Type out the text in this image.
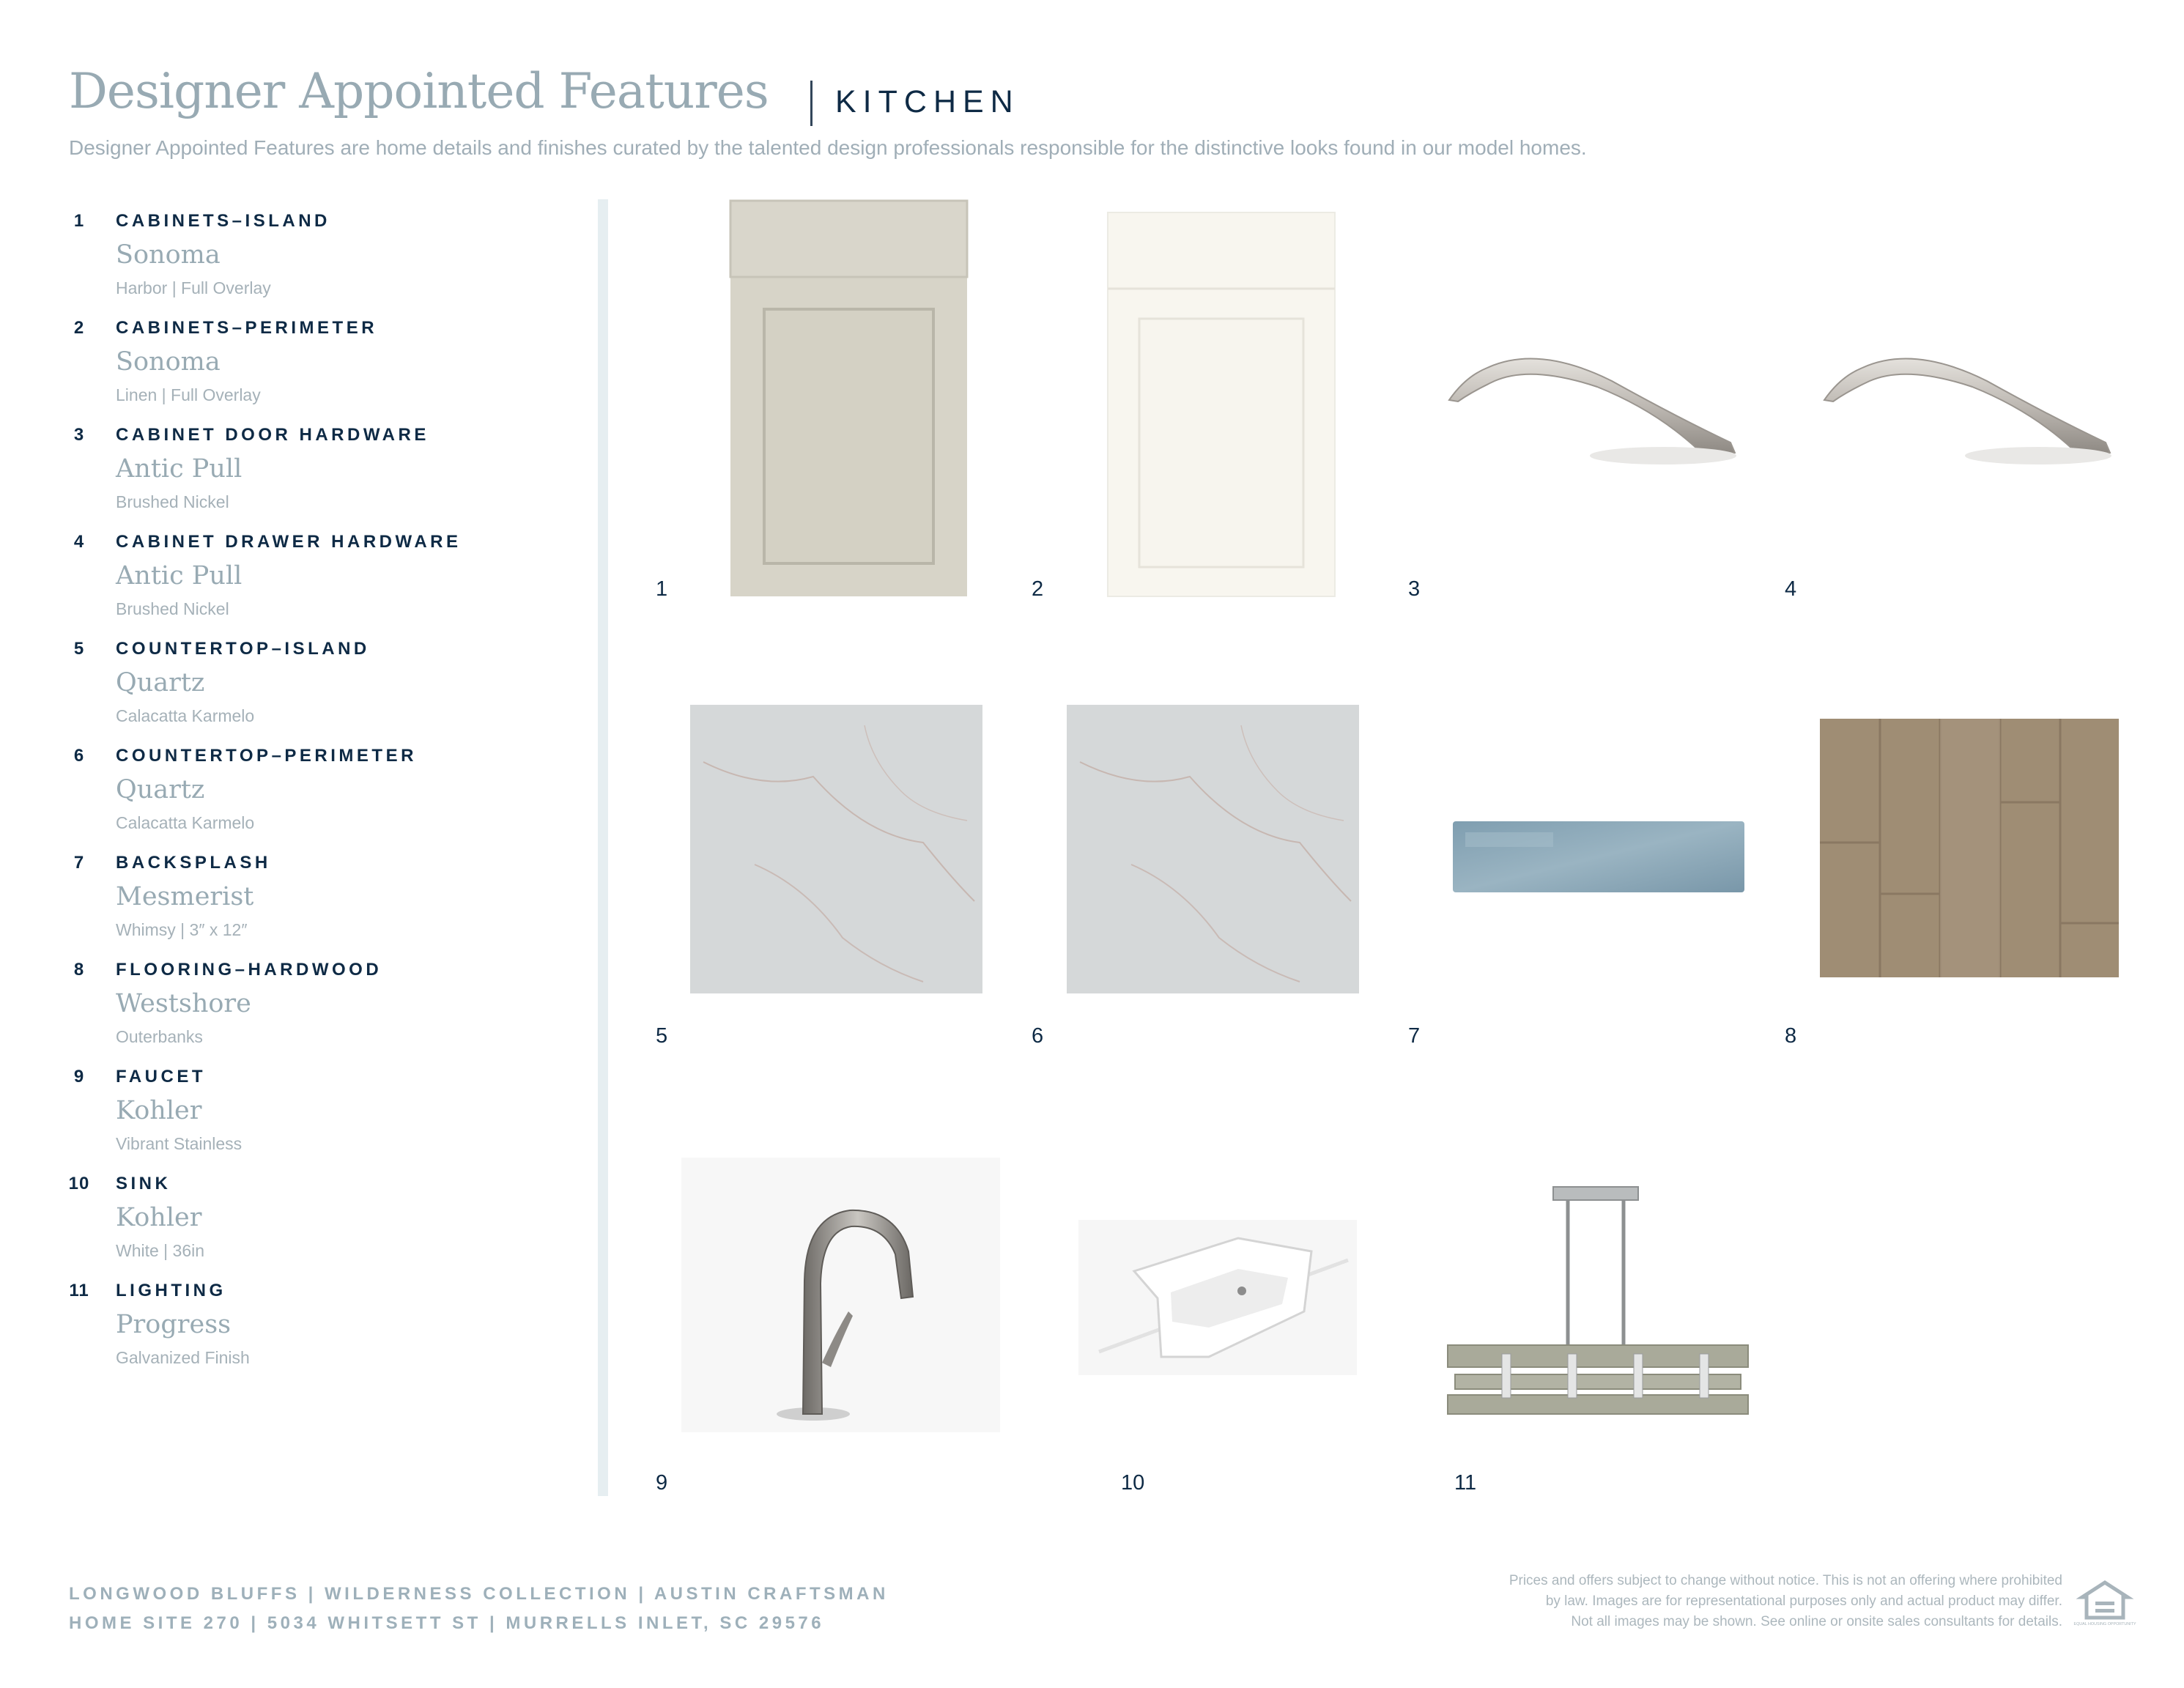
Designer Appointed Features KITCHEN
Designer Appointed Features are home details and finishes curated by the talented design professionals responsible for the distinctive looks found in our model homes.
1	CABINETS–ISLAND
Sonoma
Harbor | Full Overlay
2	CABINETS–PERIMETER
Sonoma
Linen | Full Overlay
3	CABINET DOOR HARDWARE
Antic Pull
Brushed Nickel
4	CABINET DRAWER HARDWARE
Antic Pull
Brushed Nickel
5	COUNTERTOP–ISLAND
Quartz
Calacatta Karmelo
6	COUNTERTOP–PERIMETER
Quartz
Calacatta Karmelo
7	BACKSPLASH
Mesmerist
Whimsy | 3″ x 12″
8	FLOORING–HARDWOOD
Westshore
Outerbanks
9	FAUCET
Kohler
Vibrant Stainless
10 SINK
Kohler
White | 36in
11 LIGHTING
Progress
Galvanized Finish
1	2	3	4
5	6	7	8
9	10	11
LONGWOOD BLUFFS | WILDERNESS COLLECTION | AUSTIN CRAFTSMAN
HOME SITE 270 | 5034 WHITSETT ST | MURRELLS INLET, SC 29576
Prices and offers subject to change without notice. This is not an offering where prohibited
by law. Images are for representational purposes only and actual product may differ.
Not all images may be shown. See online or onsite sales consultants for details.	EQUAL HOUSING OPPORTUNITY
